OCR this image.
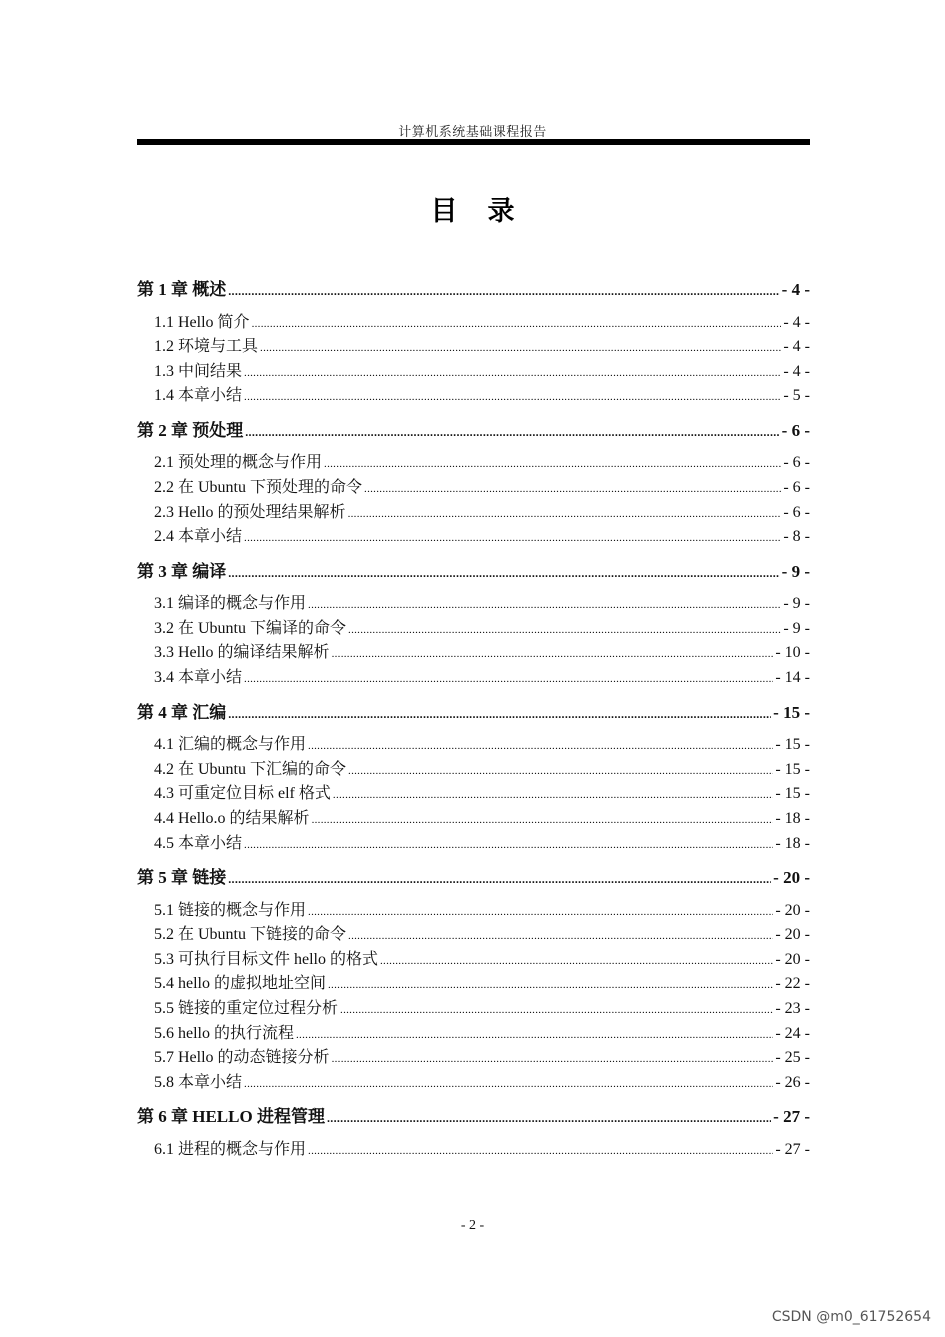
计算机系统基础课程报告
目录
第 1 章 概述 .....	- 4 -
1.1 Hello 简介 .....	- 4 -
1.2 环境与工具 .....	- 4 -
1.3 中间结果 .....	- 4 -
1.4 本章小结 .....	- 5 -
第 2 章 预处理 .....	- 6 -
2.1 预处理的概念与作用 .....	- 6 -
2.2 在 Ubuntu 下预处理的命令 .....	- 6 -
2.3 Hello 的预处理结果解析 .....	- 6 -
2.4 本章小结 .....	- 8 -
第 3 章 编译 .....	- 9 -
3.1 编译的概念与作用 .....	- 9 -
3.2 在 Ubuntu 下编译的命令 .....	- 9 -
3.3 Hello 的编译结果解析 .....	- 10 -
3.4 本章小结 .....	- 14 -
第 4 章 汇编 .....	- 15 -
4.1 汇编的概念与作用 .....	- 15 -
4.2 在 Ubuntu 下汇编的命令 .....	- 15 -
4.3 可重定位目标 elf 格式 .....	- 15 -
4.4 Hello.o 的结果解析 .....	- 18 -
4.5 本章小结 .....	- 18 -
第 5 章 链接 .....	- 20 -
5.1 链接的概念与作用 .....	- 20 -
5.2 在 Ubuntu 下链接的命令 .....	- 20 -
5.3 可执行目标文件 hello 的格式 .....	- 20 -
5.4 hello 的虚拟地址空间 .....	- 22 -
5.5 链接的重定位过程分析 .....	- 23 -
5.6 hello 的执行流程 .....	- 24 -
5.7 Hello 的动态链接分析 .....	- 25 -
5.8 本章小结 .....	- 26 -
第 6 章 HELLO 进程管理 .....	- 27 -
6.1 进程的概念与作用 .....	- 27 -
- 2 -
CSDN @m0_61752654
